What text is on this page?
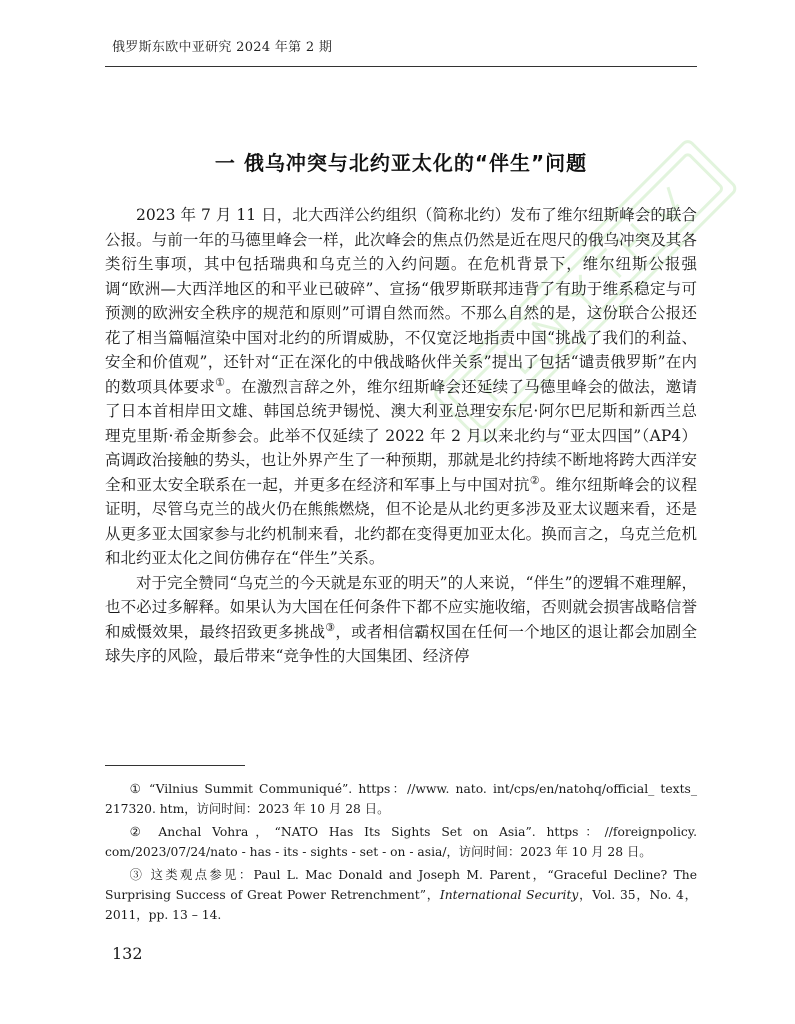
俄罗斯东欧中亚研究 2024 年第 2 期
一 俄乌冲突与北约亚太化的“伴生”问题

2023 年 7 月 11 日，北大西洋公约组织（简称北约）发布了维尔纽斯峰会的联合公报。与前一年的马德里峰会一样，此次峰会的焦点仍然是近在咫尺的俄乌冲突及其各类衍生事项，其中包括瑞典和乌克兰的入约问题。在危机背景下，维尔纽斯公报强调“欧洲—大西洋地区的和平业已破碎”、宣扬“俄罗斯联邦违背了有助于维系稳定与可预测的欧洲安全秩序的规范和原则”可谓自然而然。不那么自然的是，这份联合公报还花了相当篇幅渲染中国对北约的所谓威胁，不仅宽泛地指责中国“挑战了我们的利益、安全和价值观”，还针对“正在深化的中俄战略伙伴关系”提出了包括“谴责俄罗斯”在内的数项具体要求①。在激烈言辞之外，维尔纽斯峰会还延续了马德里峰会的做法，邀请了日本首相岸田文雄、韩国总统尹锡悦、澳大利亚总理安东尼·阿尔巴尼斯和新西兰总理克里斯·希金斯参会。此举不仅延续了 2022 年 2 月以来北约与“亚太四国”（AP4）高调政治接触的势头，也让外界产生了一种预期，那就是北约持续不断地将跨大西洋安全和亚太安全联系在一起，并更多在经济和军事上与中国对抗②。维尔纽斯峰会的议程证明，尽管乌克兰的战火仍在熊熊燃烧，但不论是从北约更多涉及亚太议题来看，还是从更多亚太国家参与北约机制来看，北约都在变得更加亚太化。换而言之，乌克兰危机和北约亚太化之间仿佛存在“伴生”关系。

对于完全赞同“乌克兰的今天就是东亚的明天”的人来说，“伴生”的逻辑不难理解，也不必过多解释。如果认为大国在任何条件下都不应实施收缩，否则就会损害战略信誉和威慑效果，最终招致更多挑战③，或者相信霸权国在任何一个地区的退让都会加剧全球失序的风险，最后带来“竞争性的大国集团、经济停

① “Vilnius Summit Communiqué”. https：//www. nato. int/cps/en/natohq/official_ texts_ 217320. htm，访问时间：2023 年 10 月 28 日。

② Anchal Vohra，“NATO Has Its Sights Set on Asia”. https：//foreignpolicy. com/2023/07/24/nato - has - its - sights - set - on - asia/，访问时间：2023 年 10 月 28 日。

③ 这类观点参见：Paul L. Mac Donald and Joseph M. Parent，“Graceful Decline? The Surprising Success of Great Power Retrenchment”，International Security，Vol. 35，No. 4，2011，pp. 13 – 14.

132
